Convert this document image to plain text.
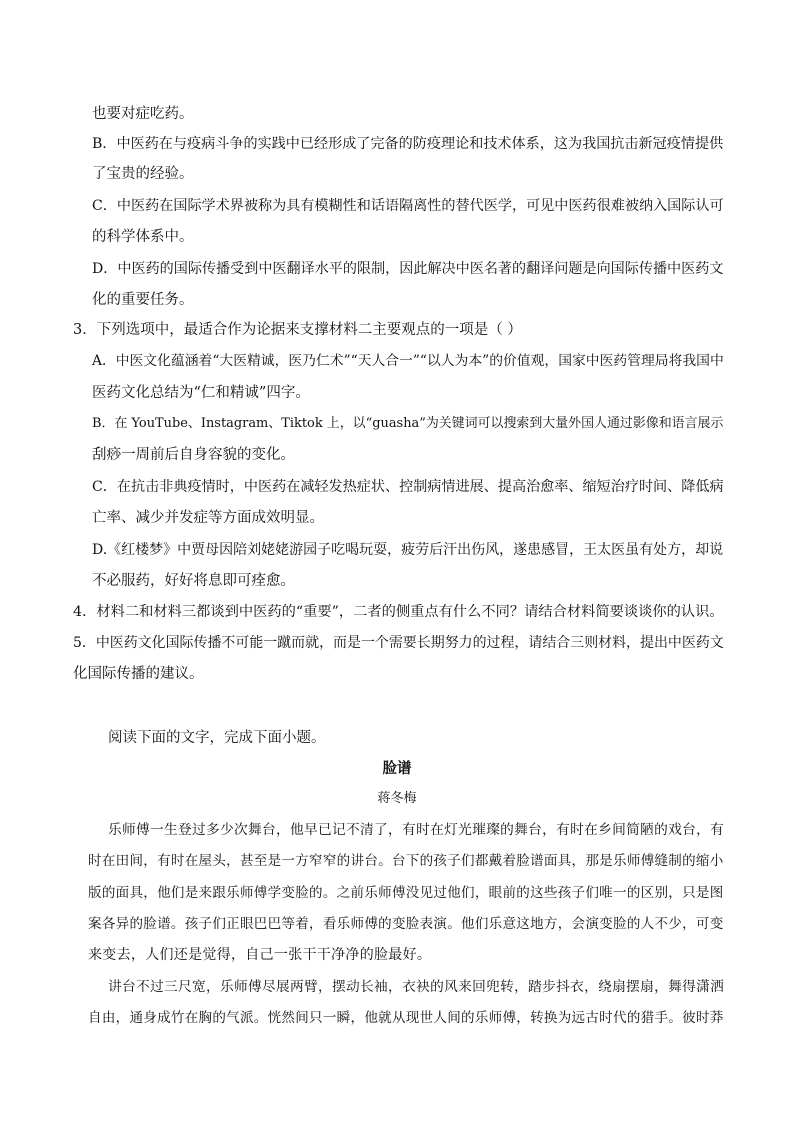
也要对症吃药。
B．中医药在与疫病斗争的实践中已经形成了完备的防疫理论和技术体系，这为我国抗击新冠疫情提供
了宝贵的经验。
C．中医药在国际学术界被称为具有模糊性和话语隔离性的替代医学，可见中医药很难被纳入国际认可
的科学体系中。
D．中医药的国际传播受到中医翻译水平的限制，因此解决中医名著的翻译问题是向国际传播中医药文
化的重要任务。
3．下列选项中，最适合作为论据来支撑材料二主要观点的一项是（ ）
A．中医文化蕴涵着“大医精诚，医乃仁术”“天人合一”“以人为本”的价值观，国家中医药管理局将我国中
医药文化总结为“仁和精诚”四字。
B．在 YouTube、Instagram、Tiktok 上，以“guasha”为关键词可以搜索到大量外国人通过影像和语言展示
刮痧一周前后自身容貌的变化。
C．在抗击非典疫情时，中医药在减轻发热症状、控制病情进展、提高治愈率、缩短治疗时间、降低病
亡率、减少并发症等方面成效明显。
D.《红楼梦》中贾母因陪刘姥姥游园子吃喝玩耍，疲劳后汗出伤风，遂患感冒，王太医虽有处方，却说
不必服药，好好将息即可痊愈。
4．材料二和材料三都谈到中医药的“重要”，二者的侧重点有什么不同？请结合材料简要谈谈你的认识。
5．中医药文化国际传播不可能一蹴而就，而是一个需要长期努力的过程，请结合三则材料，提出中医药文
化国际传播的建议。
阅读下面的文字，完成下面小题。
脸谱
蒋冬梅
乐师傅一生登过多少次舞台，他早已记不清了，有时在灯光璀璨的舞台，有时在乡间简陋的戏台，有
时在田间，有时在屋头，甚至是一方窄窄的讲台。台下的孩子们都戴着脸谱面具，那是乐师傅缝制的缩小
版的面具，他们是来跟乐师傅学变脸的。之前乐师傅没见过他们，眼前的这些孩子们唯一的区别，只是图
案各异的脸谱。孩子们正眼巴巴等着，看乐师傅的变脸表演。他们乐意这地方，会演变脸的人不少，可变
来变去，人们还是觉得，自己一张干干净净的脸最好。
讲台不过三尺宽，乐师傅尽展两臂，摆动长袖，衣袂的风来回兜转，踏步抖衣，绕扇摆扇，舞得潇洒
自由，通身成竹在胸的气派。恍然间只一瞬，他就从现世人间的乐师傅，转换为远古时代的猎手。彼时莽
